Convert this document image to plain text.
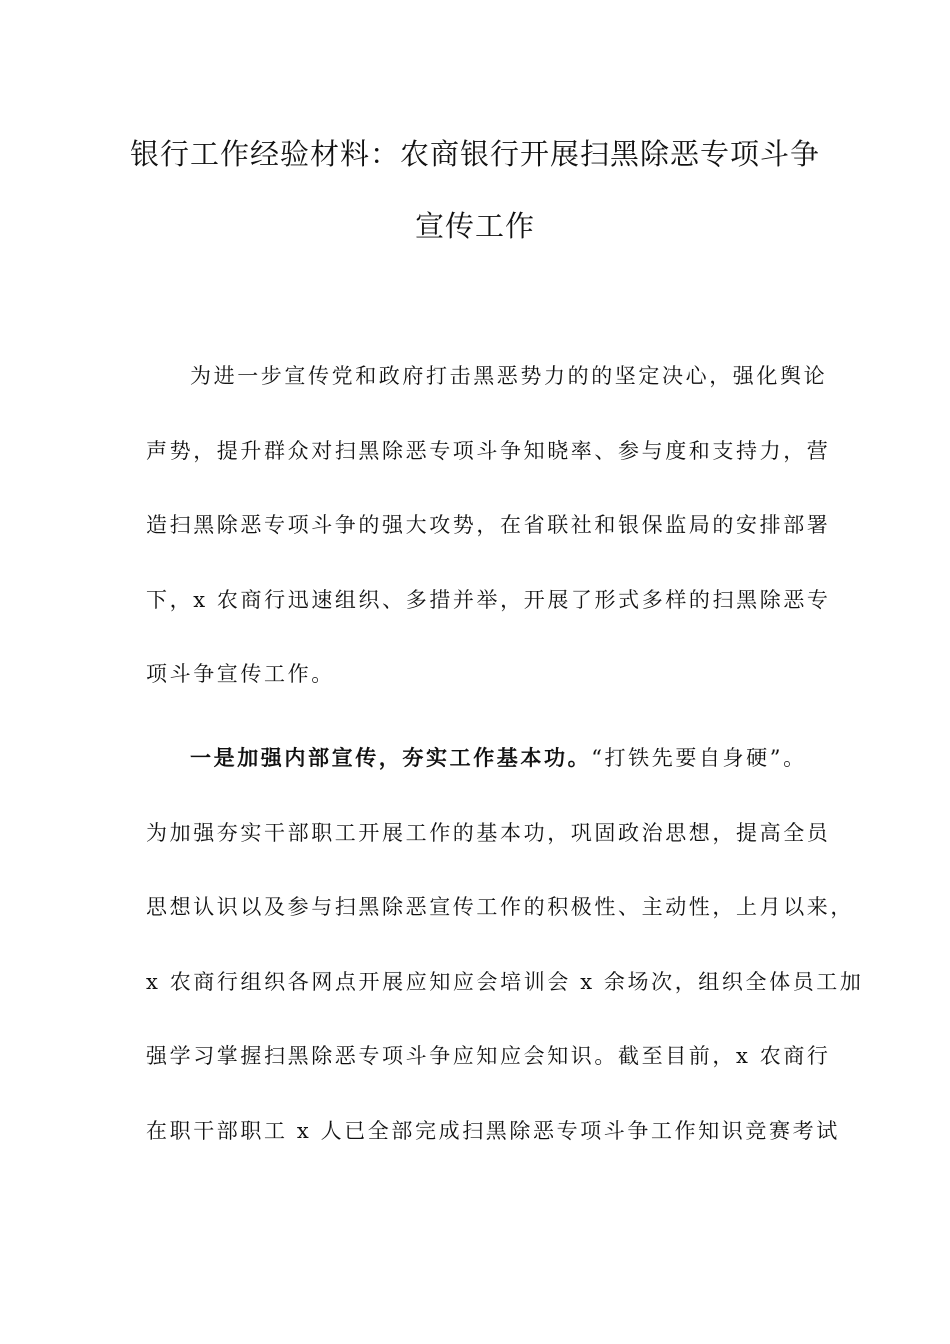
银行工作经验材料：农商银行开展扫黑除恶专项斗争
宣传工作
为进一步宣传党和政府打击黑恶势力的的坚定决心，强化舆论
声势，提升群众对扫黑除恶专项斗争知晓率、参与度和支持力，营
造扫黑除恶专项斗争的强大攻势，在省联社和银保监局的安排部署
下，x 农商行迅速组织、多措并举，开展了形式多样的扫黑除恶专
项斗争宣传工作。
一是加强内部宣传，夯实工作基本功。“打铁先要自身硬”。
为加强夯实干部职工开展工作的基本功，巩固政治思想，提高全员
思想认识以及参与扫黑除恶宣传工作的积极性、主动性，上月以来，
x 农商行组织各网点开展应知应会培训会 x 余场次，组织全体员工加
强学习掌握扫黑除恶专项斗争应知应会知识。截至目前，x 农商行
在职干部职工 x 人已全部完成扫黑除恶专项斗争工作知识竞赛考试
